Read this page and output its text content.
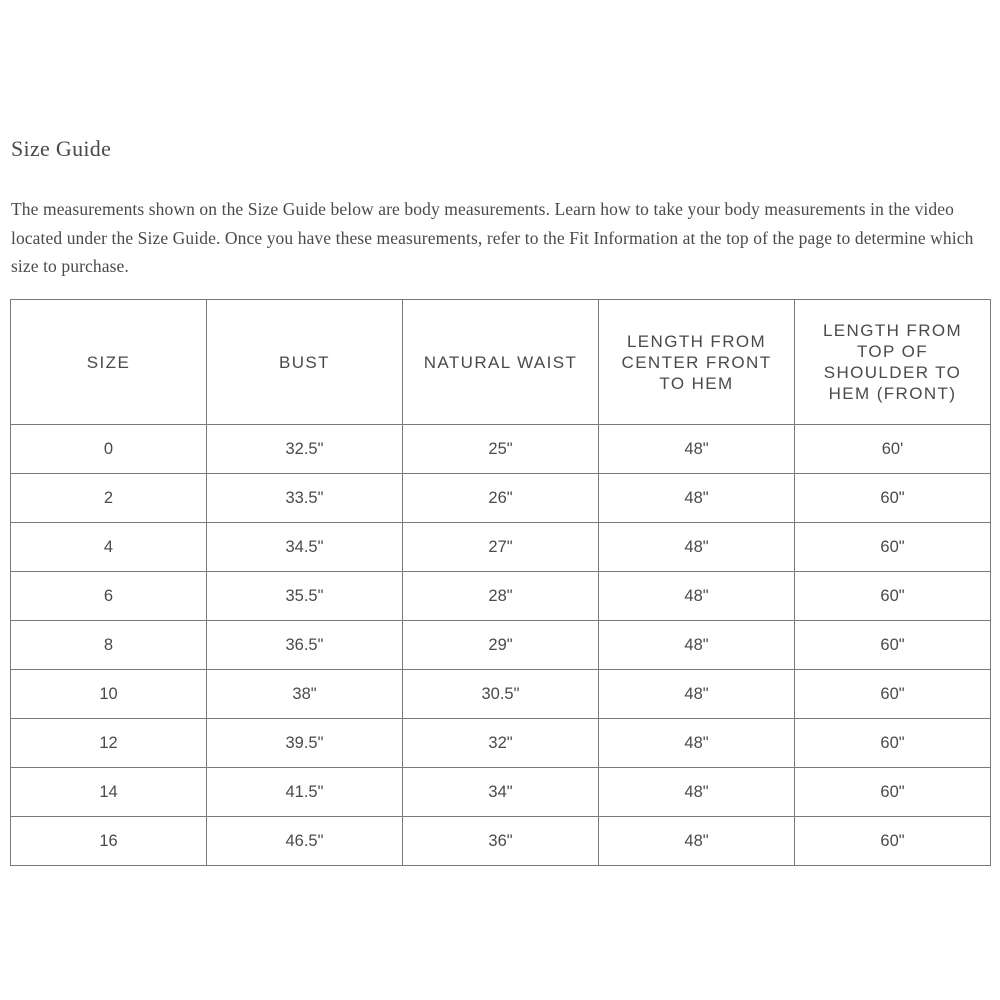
Size Guide

The measurements shown on the Size Guide below are body measurements. Learn how to take your body measurements in the video located under the Size Guide. Once you have these measurements, refer to the Fit Information at the top of the page to determine which size to purchase.

SIZE	BUST	NATURAL WAIST	LENGTH FROM CENTER FRONT TO HEM	LENGTH FROM TOP OF SHOULDER TO HEM (FRONT)
0	32.5"	25"	48"	60'
2	33.5"	26"	48"	60"
4	34.5"	27"	48"	60"
6	35.5"	28"	48"	60"
8	36.5"	29"	48"	60"
10	38"	30.5"	48"	60"
12	39.5"	32"	48"	60"
14	41.5"	34"	48"	60"
16	46.5"	36"	48"	60"
